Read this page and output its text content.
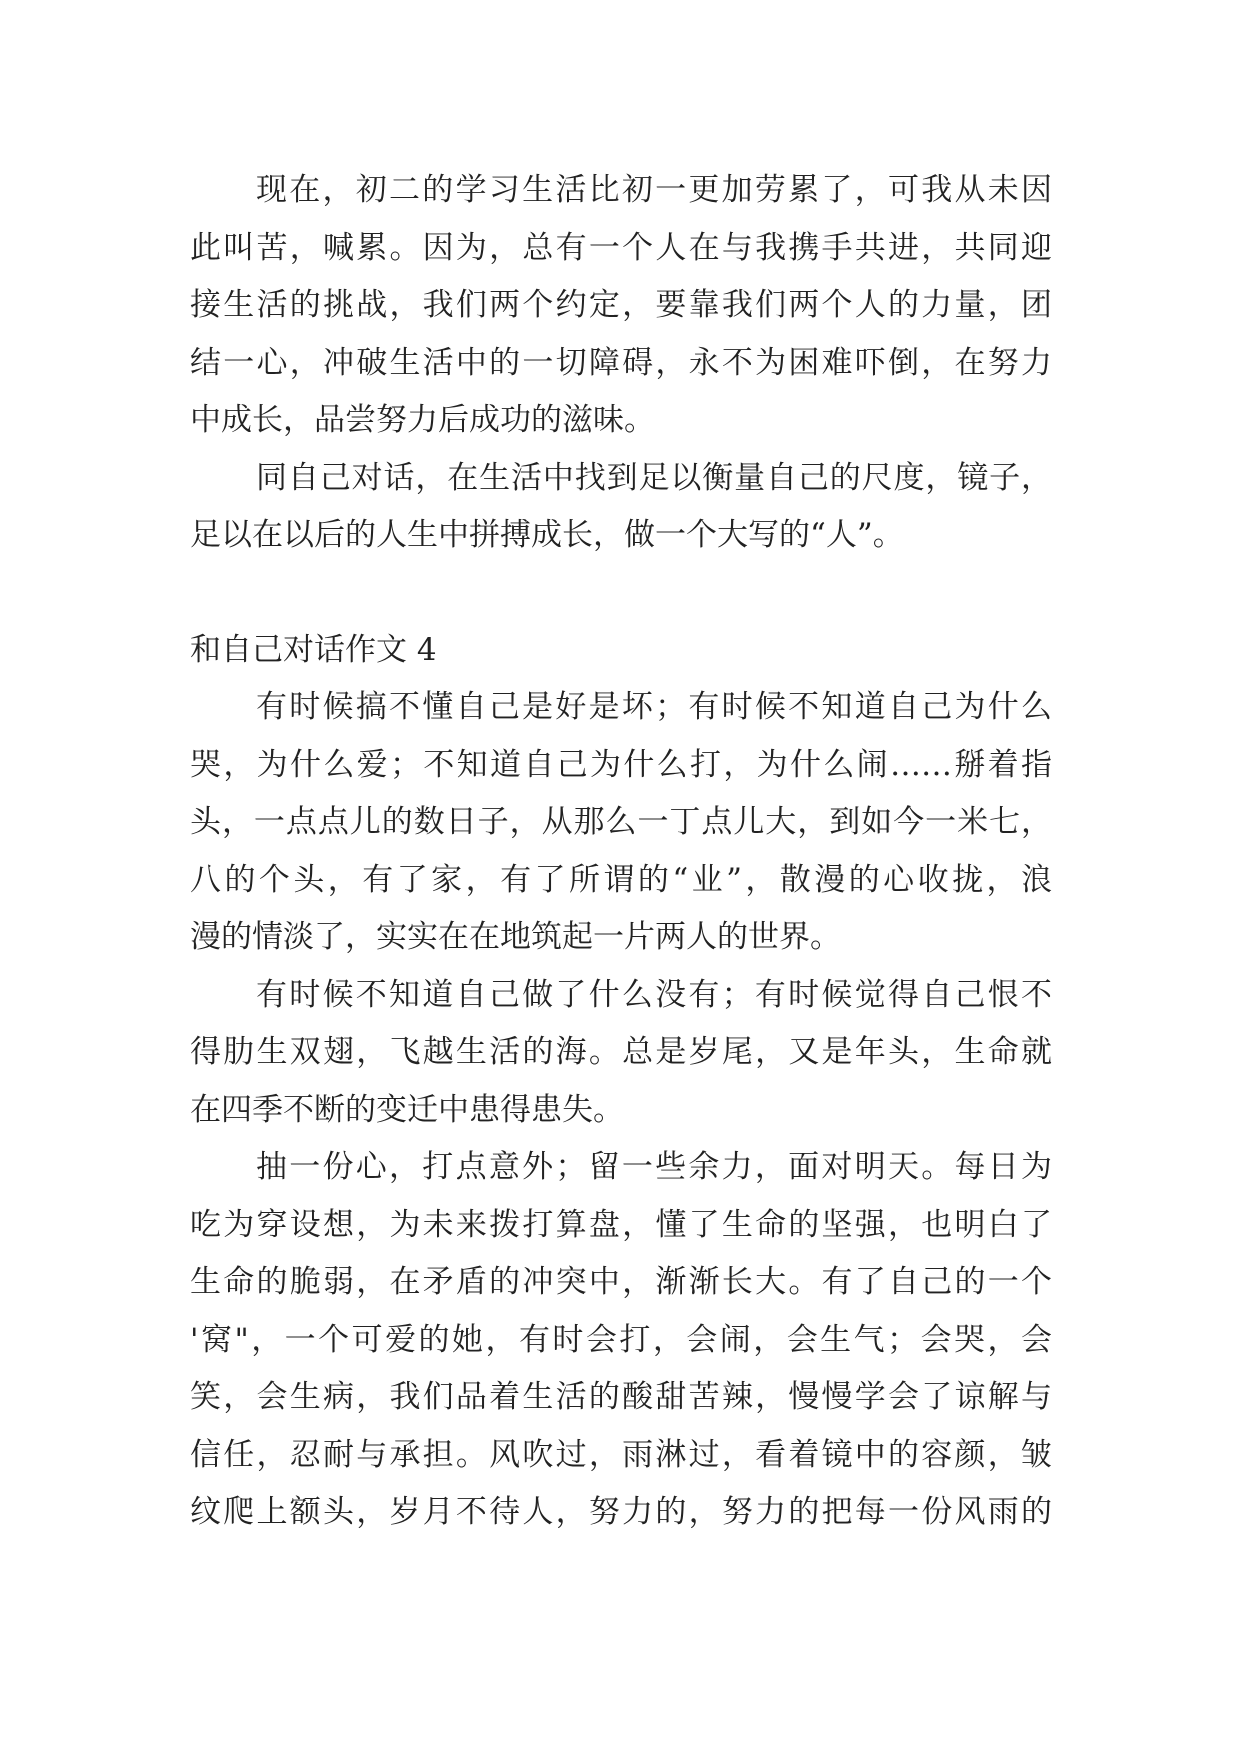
现在，初二的学习生活比初一更加劳累了，可我从未因
此叫苦，喊累。因为，总有一个人在与我携手共进，共同迎
接生活的挑战，我们两个约定，要靠我们两个人的力量，团
结一心，冲破生活中的一切障碍，永不为困难吓倒，在努力
中成长，品尝努力后成功的滋味。
同自己对话，在生活中找到足以衡量自己的尺度，镜子，
足以在以后的人生中拼搏成长，做一个大写的“人”。
和自己对话作文 4
有时候搞不懂自己是好是坏；有时候不知道自己为什么
哭，为什么爱；不知道自己为什么打，为什么闹……掰着指
头，一点点儿的数日子，从那么一丁点儿大，到如今一米七，
八的个头，有了家，有了所谓的“业”，散漫的心收拢，浪
漫的情淡了，实实在在地筑起一片两人的世界。
有时候不知道自己做了什么没有；有时候觉得自己恨不
得肋生双翅，飞越生活的海。总是岁尾，又是年头，生命就
在四季不断的变迁中患得患失。
抽一份心，打点意外；留一些余力，面对明天。每日为
吃为穿设想，为未来拨打算盘，懂了生命的坚强，也明白了
生命的脆弱，在矛盾的冲突中，渐渐长大。有了自己的一个
'窝"，一个可爱的她，有时会打，会闹，会生气；会哭，会
笑，会生病，我们品着生活的酸甜苦辣，慢慢学会了谅解与
信任，忍耐与承担。风吹过，雨淋过，看着镜中的容颜，皱
纹爬上额头，岁月不待人，努力的，努力的把每一份风雨的
